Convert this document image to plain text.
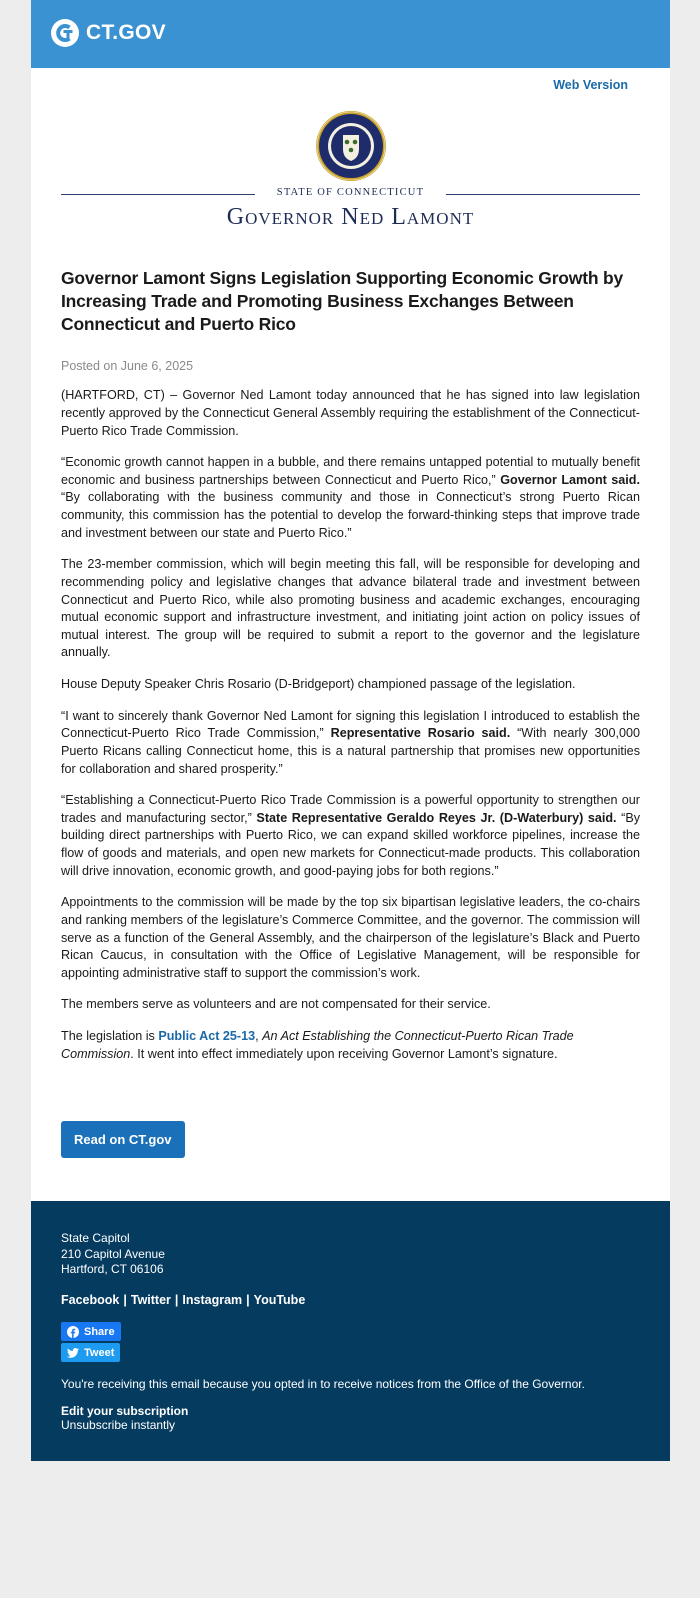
CT.GOV
Web Version
STATE OF CONNECTICUT
Governor Ned Lamont
Governor Lamont Signs Legislation Supporting Economic Growth by Increasing Trade and Promoting Business Exchanges Between Connecticut and Puerto Rico
Posted on June 6, 2025

(HARTFORD, CT) – Governor Ned Lamont today announced that he has signed into law legislation recently approved by the Connecticut General Assembly requiring the establishment of the Connecticut-Puerto Rico Trade Commission.

“Economic growth cannot happen in a bubble, and there remains untapped potential to mutually benefit economic and business partnerships between Connecticut and Puerto Rico,” Governor Lamont said. “By collaborating with the business community and those in Connecticut’s strong Puerto Rican community, this commission has the potential to develop the forward-thinking steps that improve trade and investment between our state and Puerto Rico.”

The 23-member commission, which will begin meeting this fall, will be responsible for developing and recommending policy and legislative changes that advance bilateral trade and investment between Connecticut and Puerto Rico, while also promoting business and academic exchanges, encouraging mutual economic support and infrastructure investment, and initiating joint action on policy issues of mutual interest. The group will be required to submit a report to the governor and the legislature annually.

House Deputy Speaker Chris Rosario (D-Bridgeport) championed passage of the legislation.

“I want to sincerely thank Governor Ned Lamont for signing this legislation I introduced to establish the Connecticut-Puerto Rico Trade Commission,” Representative Rosario said. “With nearly 300,000 Puerto Ricans calling Connecticut home, this is a natural partnership that promises new opportunities for collaboration and shared prosperity.”

“Establishing a Connecticut-Puerto Rico Trade Commission is a powerful opportunity to strengthen our trades and manufacturing sector,” State Representative Geraldo Reyes Jr. (D-Waterbury) said. “By building direct partnerships with Puerto Rico, we can expand skilled workforce pipelines, increase the flow of goods and materials, and open new markets for Connecticut-made products. This collaboration will drive innovation, economic growth, and good-paying jobs for both regions.”

Appointments to the commission will be made by the top six bipartisan legislative leaders, the co-chairs and ranking members of the legislature’s Commerce Committee, and the governor. The commission will serve as a function of the General Assembly, and the chairperson of the legislature’s Black and Puerto Rican Caucus, in consultation with the Office of Legislative Management, will be responsible for appointing administrative staff to support the commission’s work.

The members serve as volunteers and are not compensated for their service.

The legislation is Public Act 25-13, An Act Establishing the Connecticut-Puerto Rican Trade Commission. It went into effect immediately upon receiving Governor Lamont’s signature.

Read on CT.gov
State Capitol
210 Capitol Avenue
Hartford, CT 06106
Facebook | Twitter | Instagram | YouTube
Share
Tweet
You're receiving this email because you opted in to receive notices from the Office of the Governor.
Edit your subscription
Unsubscribe instantly
